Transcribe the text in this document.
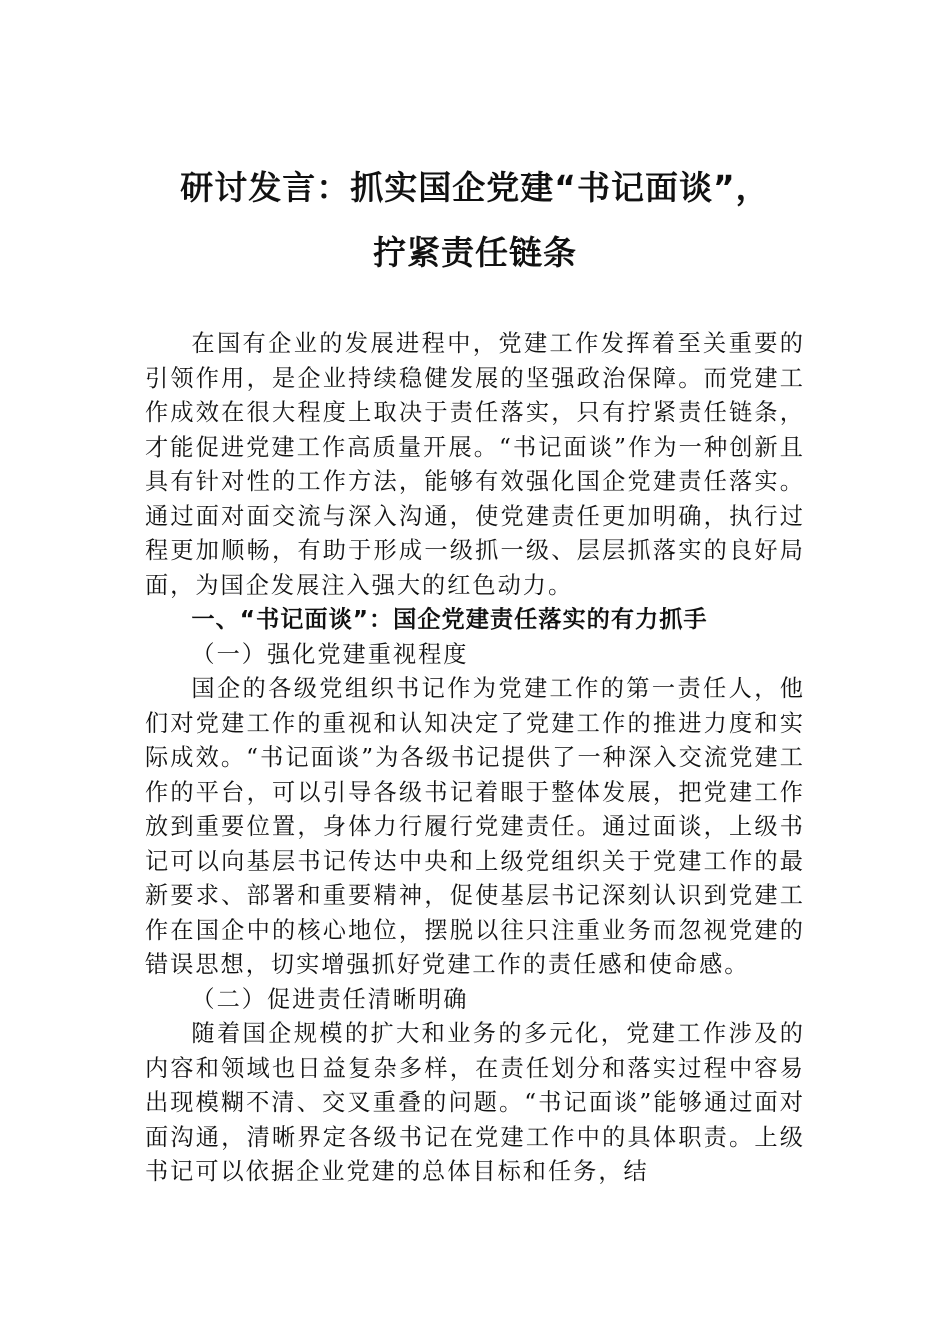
研讨发言：抓实国企党建“书记面谈”，
拧紧责任链条

在国有企业的发展进程中，党建工作发挥着至关重要的引领作用，是企业持续稳健发展的坚强政治保障。而党建工作成效在很大程度上取决于责任落实，只有拧紧责任链条，才能促进党建工作高质量开展。“书记面谈”作为一种创新且具有针对性的工作方法，能够有效强化国企党建责任落实。通过面对面交流与深入沟通，使党建责任更加明确，执行过程更加顺畅，有助于形成一级抓一级、层层抓落实的良好局面，为国企发展注入强大的红色动力。

一、“书记面谈”：国企党建责任落实的有力抓手
（一）强化党建重视程度

国企的各级党组织书记作为党建工作的第一责任人，他们对党建工作的重视和认知决定了党建工作的推进力度和实际成效。“书记面谈”为各级书记提供了一种深入交流党建工作的平台，可以引导各级书记着眼于整体发展，把党建工作放到重要位置，身体力行履行党建责任。通过面谈，上级书记可以向基层书记传达中央和上级党组织关于党建工作的最新要求、部署和重要精神，促使基层书记深刻认识到党建工作在国企中的核心地位，摆脱以往只注重业务而忽视党建的错误思想，切实增强抓好党建工作的责任感和使命感。

（二）促进责任清晰明确

随着国企规模的扩大和业务的多元化，党建工作涉及的内容和领域也日益复杂多样，在责任划分和落实过程中容易出现模糊不清、交叉重叠的问题。“书记面谈”能够通过面对面沟通，清晰界定各级书记在党建工作中的具体职责。上级书记可以依据企业党建的总体目标和任务，结
